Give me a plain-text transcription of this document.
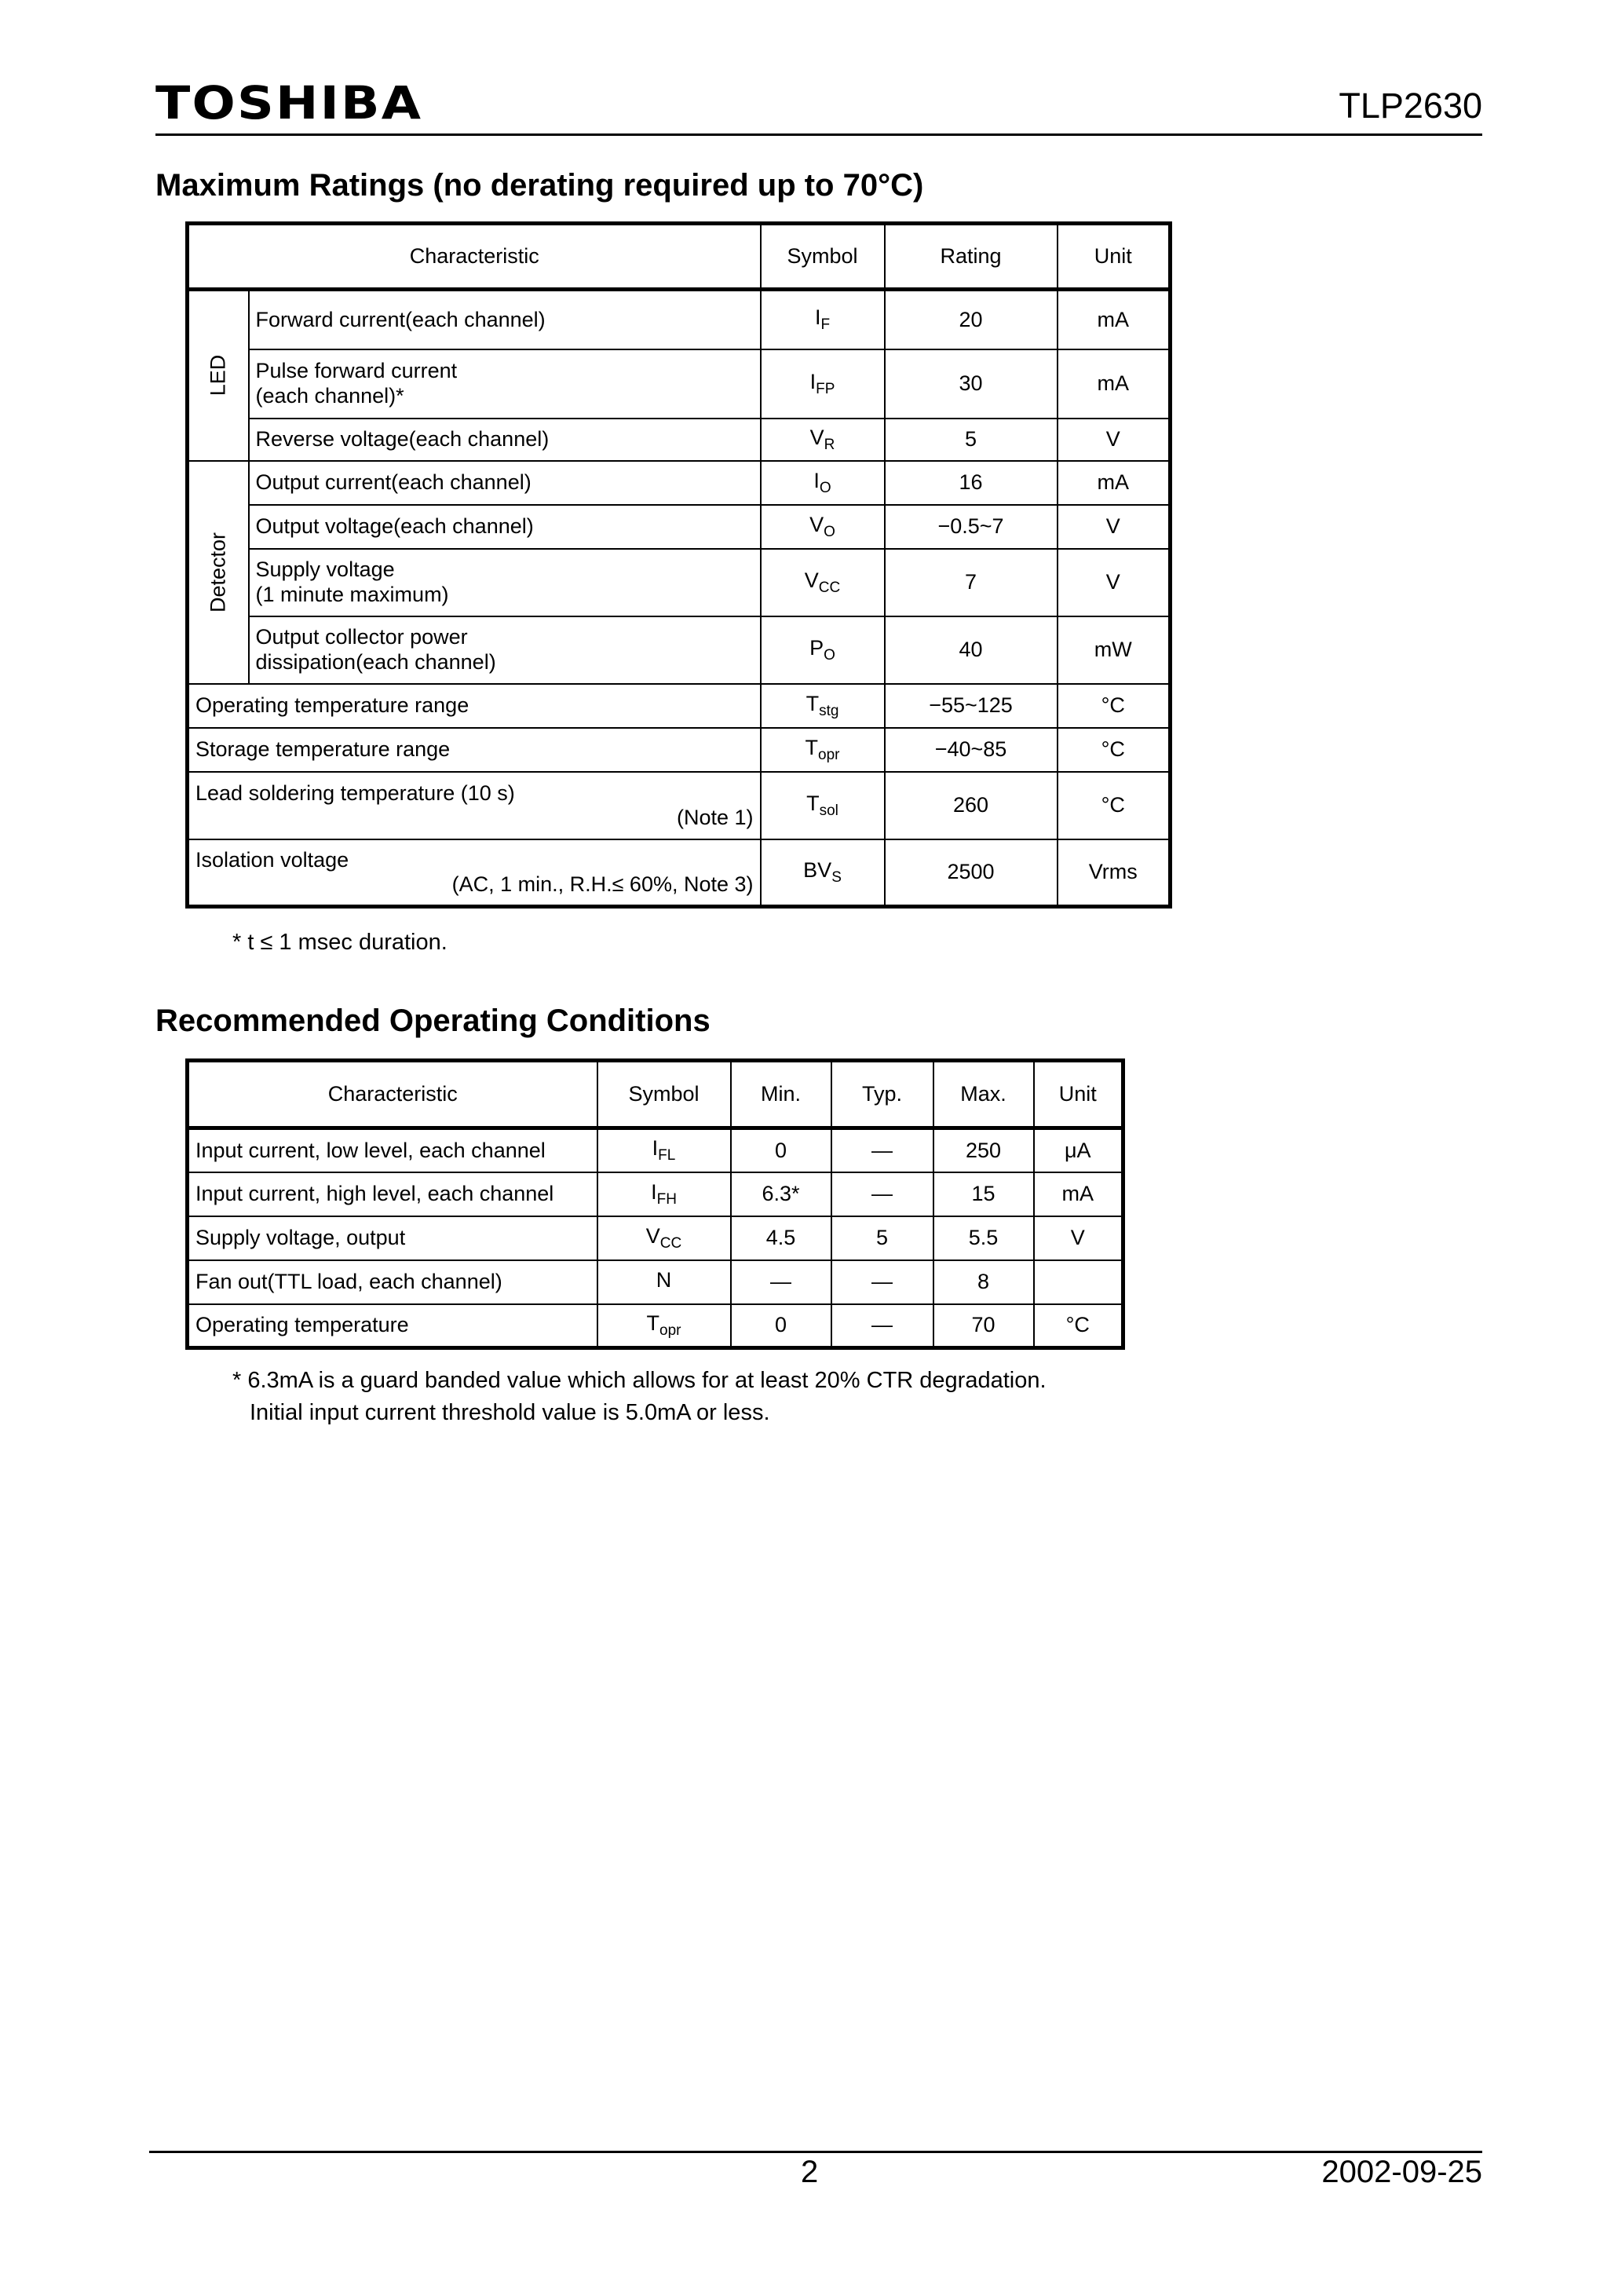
TOSHIBA	TLP2630
Maximum Ratings (no derating required up to 70°C)
Characteristic		Symbol	Rating	Unit

LED	Forward current(each channel)	$I_F$	20	mA

	Pulse forward current
(each channel)*	$I_{FP}$	30	mA
	Reverse voltage(each channel)	$V_R$	5	V

Detector	Output current(each channel)	$I_O$	16	mA
	Output voltage(each channel)	$V_O$	−0.5~7	V

	Supply voltage
(1 minute maximum)	$V_{CC}$	7	V

	Output collector power
dissipation(each channel)	$P_O$	40	mW
Operating temperature range		$T_{stg}$	−55~125	°C
Storage temperature range		$T_{opr}$	−40~85	°C

Lead soldering temperature (10 s)
(Note 1)		$T_{sol}$	260	°C

Isolation voltage
(AC, 1 min., R.H.≤ 60%, Note 3)		$BV_S$	2500	Vrms
* t ≤ 1 msec duration.
Recommended Operating Conditions
Characteristic	Symbol	Min.	Typ.	Max.	Unit
Input current, low level, each channel	$I_{FL}$	0	—	250	μA
Input current, high level, each channel	$I_{FH}$	6.3*	—	15	mA
Supply voltage, output	$V_{CC}$	4.5	5	5.5	V
Fan out(TTL load, each channel)	N	—	—	8	
Operating temperature	$T_{opr}$	0	—	70	°C
* 6.3mA is a guard banded value which allows for at least 20% CTR degradation.
Initial input current threshold value is 5.0mA or less.
2	2002-09-25
